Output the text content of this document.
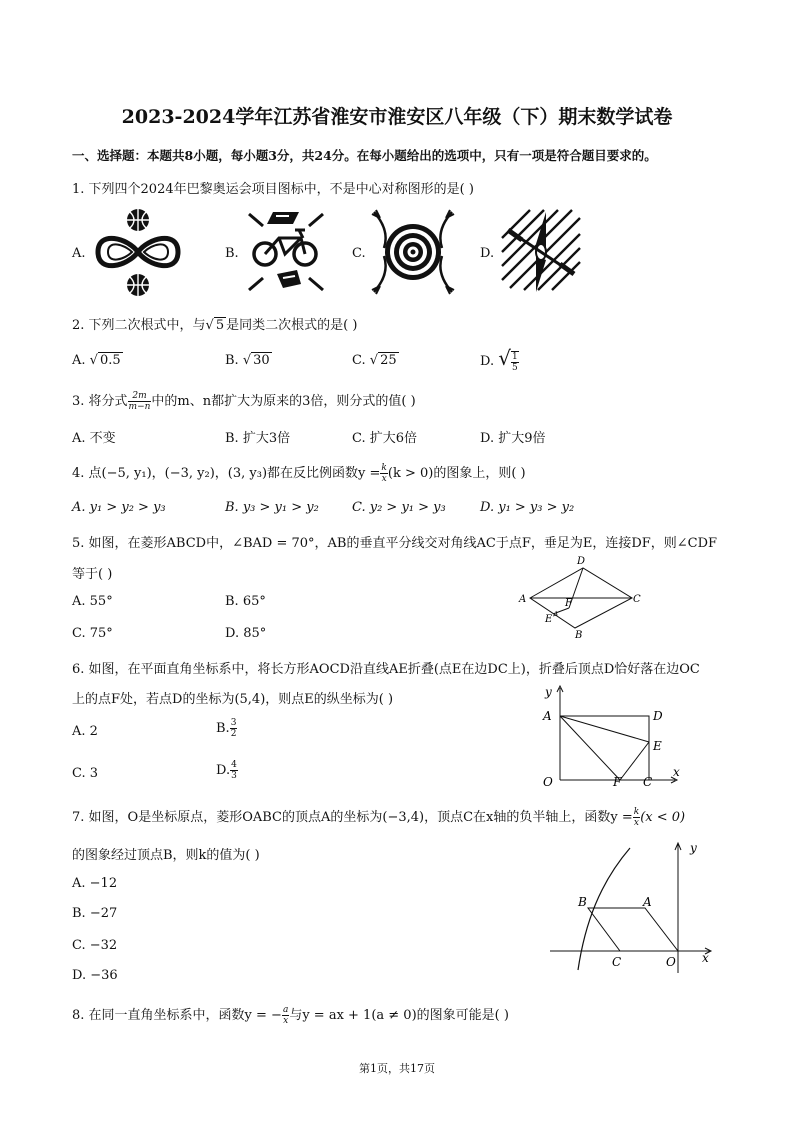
2023-2024学年江苏省淮安市淮安区八年级（下）期末数学试卷
一、选择题：本题共8小题，每小题3分，共24分。在每小题给出的选项中，只有一项是符合题目要求的。
1. 下列四个2024年巴黎奥运会项目图标中，不是中心对称图形的是( )
A.	B.	C.	D.
2. 下列二次根式中，与√ 5 是同类二次根式的是( )
A. √ 0.5	B. √ 30	C. √ 25	D. √ $\frac{1}{5}$
3. 将分式 $\frac{2m}{m-n}$ 中的m、n都扩大为原来的3倍，则分式的值( )
A. 不变	B. 扩大3倍	C. 扩大6倍	D. 扩大9倍
4. 点(−5, y₁)，(−3, y₂)，(3, y₃)都在反比例函数$y = \frac{k}{x} (k > 0)$的图象上，则( )
A. y₁ > y₂ > y₃	B. y₃ > y₁ > y₂	C. y₂ > y₁ > y₃	D. y₁ > y₃ > y₂
5. 如图，在菱形ABCD中，∠BAD = 70°，AB的垂直平分线交对角线AC于点F，垂足为E，连接DF，则∠CDF
等于( )
A. 55°	B. 65°
C. 75°	D. 85°
D
A	F	C
E
B
6. 如图，在平面直角坐标系中，将长方形AOCD沿直线AE折叠(点E在边DC上)，折叠后顶点D恰好落在边OC
上的点F处，若点D的坐标为(5,4)，则点E的纵坐标为( )
A. 2	B. $\frac{3}{2}$
C. 3	D. $\frac{4}{3}$
y
A	D
E
O	F C
x
7. 如图，O是坐标原点，菱形OABC的顶点A的坐标为(−3,4)，顶点C在x轴的负半轴上，函数$y = \frac{k}{x} (x < 0)$
的图象经过顶点B，则k的值为( )
A. −12
B. −27
C. −32
D. −36
y
B	A
C	O x
8. 在同一直角坐标系中，函数y = − $\frac{a}{x}$ 与y = ax + 1(a ≠ 0)的图象可能是( )
第1页，共17页
